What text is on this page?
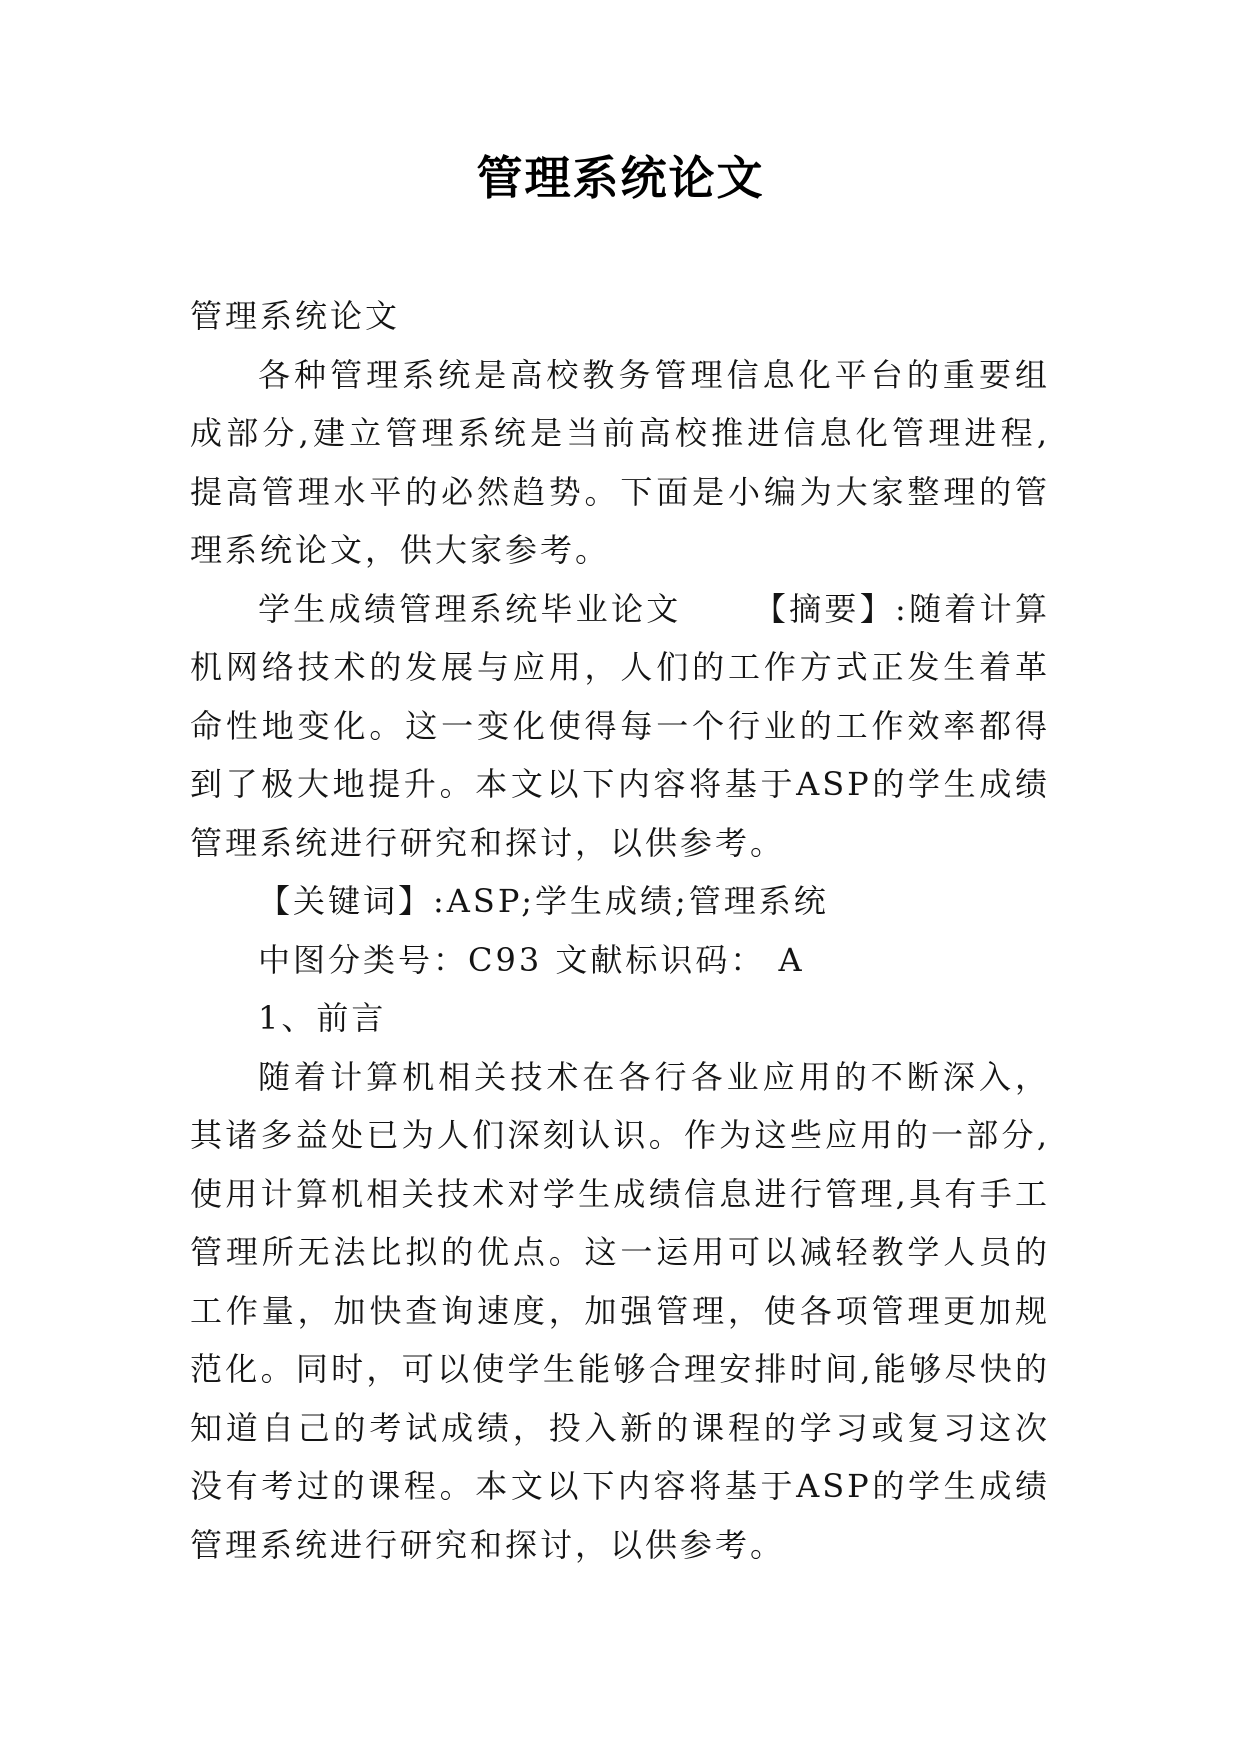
管理系统论文

管理系统论文

各种管理系统是高校教务管理信息化平台的重要组成部分,建立管理系统是当前高校推进信息化管理进程,提高管理水平的必然趋势。下面是小编为大家整理的管理系统论文，供大家参考。

学生成绩管理系统毕业论文 【摘要】:随着计算机网络技术的发展与应用，人们的工作方式正发生着革命性地变化。这一变化使得每一个行业的工作效率都得到了极大地提升。本文以下内容将基于ASP的学生成绩管理系统进行研究和探讨，以供参考。

【关键词】:ASP;学生成绩;管理系统

中图分类号：C93 文献标识码： A

1、前言

随着计算机相关技术在各行各业应用的不断深入，其诸多益处已为人们深刻认识。作为这些应用的一部分,使用计算机相关技术对学生成绩信息进行管理,具有手工管理所无法比拟的优点。这一运用可以减轻教学人员的工作量，加快查询速度，加强管理，使各项管理更加规范化。同时，可以使学生能够合理安排时间,能够尽快的知道自己的考试成绩，投入新的课程的学习或复习这次没有考过的课程。本文以下内容将基于ASP的学生成绩管理系统进行研究和探讨，以供参考。
